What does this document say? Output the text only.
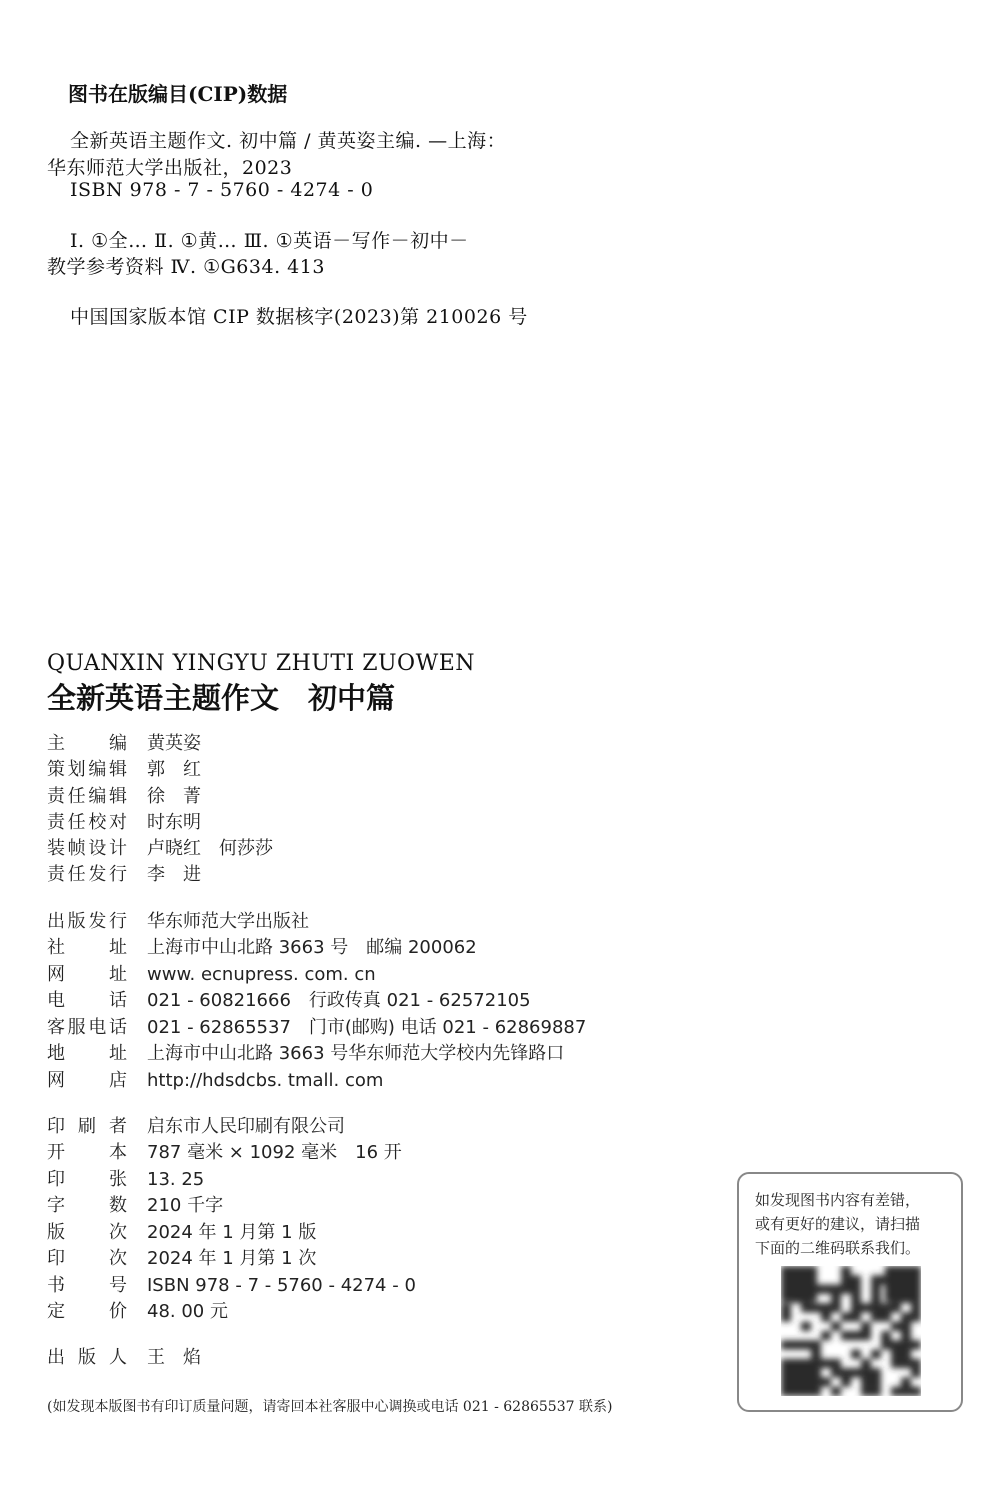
图书在版编目(CIP)数据
全新英语主题作文. 初中篇 / 黄英姿主编. —上海：
华东师范大学出版社，2023
ISBN 978 - 7 - 5760 - 4274 - 0
Ⅰ. ①全… Ⅱ. ①黄… Ⅲ. ①英语－写作－初中－
教学参考资料 Ⅳ. ①G634. 413
中国国家版本馆 CIP 数据核字(2023)第 210026 号
QUANXIN YINGYU ZHUTI ZUOWEN
全新英语主题作文　初中篇
主　编 黄英姿
策划编辑 郭　红
责任编辑 徐　菁
责任校对 时东明
装帧设计 卢晓红　何莎莎
责任发行 李　进
出版发行 华东师范大学出版社
社　址 上海市中山北路 3663 号　邮编 200062
网　址 www. ecnupress. com. cn
电　话 021 - 60821666　行政传真 021 - 62572105
客服电话 021 - 62865537　门市(邮购) 电话 021 - 62869887
地　址 上海市中山北路 3663 号华东师范大学校内先锋路口
网　店 http://hdsdcbs. tmall. com
印 刷 者 启东市人民印刷有限公司
开　本 787 毫米 × 1092 毫米　16 开
印　张 13. 25
字　数 210 千字
版　次 2024 年 1 月第 1 版
印　次 2024 年 1 月第 1 次
书　号 ISBN 978 - 7 - 5760 - 4274 - 0
定　价 48. 00 元
出 版 人 王　焰
(如发现本版图书有印订质量问题，请寄回本社客服中心调换或电话 021 - 62865537 联系)
如发现图书内容有差错，
或有更好的建议，请扫描
下面的二维码联系我们。
